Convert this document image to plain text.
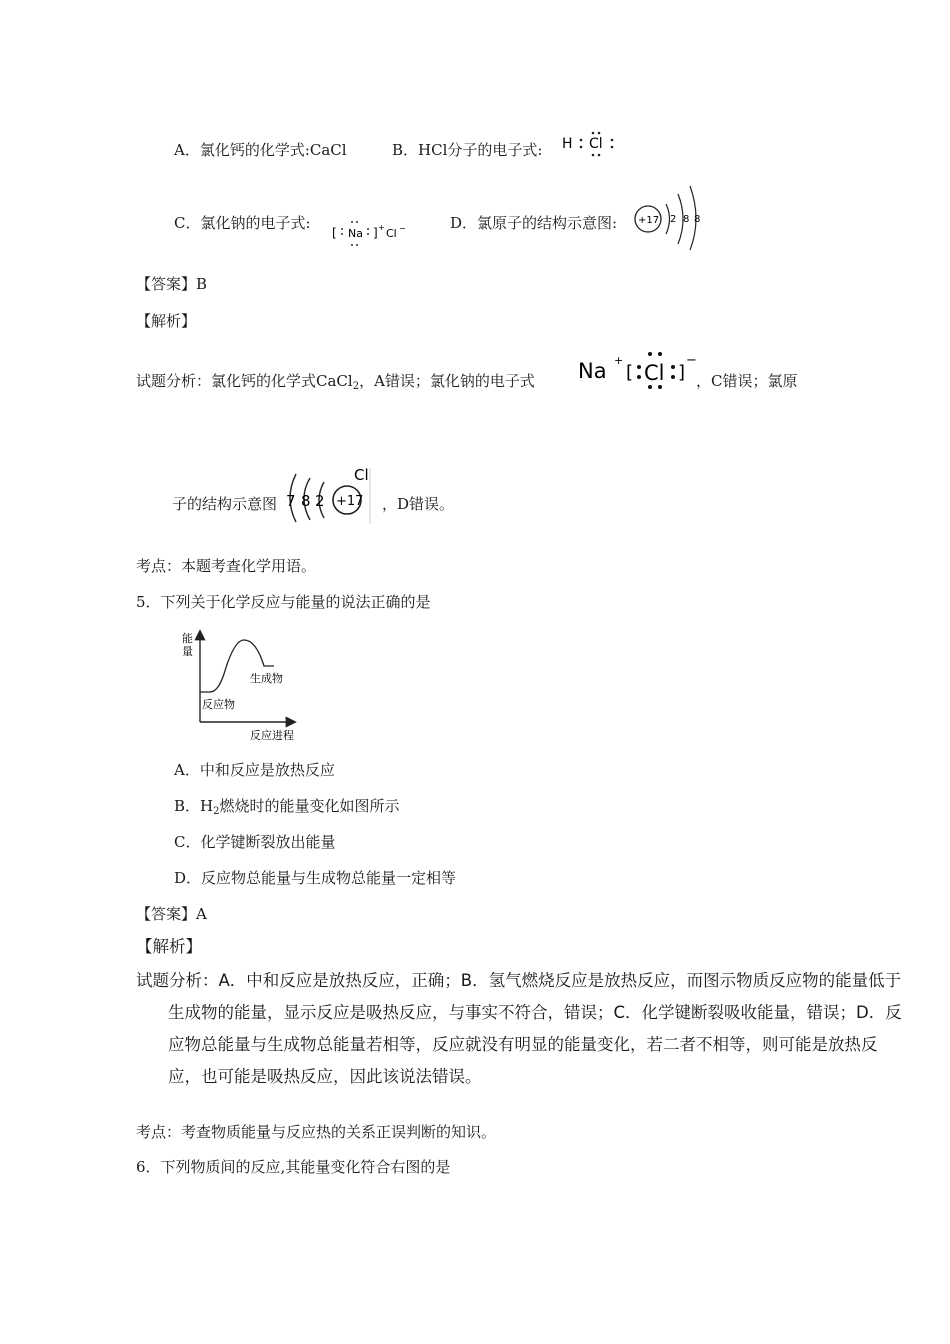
A．氯化钙的化学式:CaCl	B．HCl分子的电子式: H Cl
C．氯化钠的电子式:
[ Na ] + Cl −	D．氯原子的结构示意图: +17 2 8 8
【答案】B
【解析】
试题分析：氯化钙的化学式CaCl$_2$，A错误；氯化钠的电子式 Na +
[ Cl ]
−
，C错误；氯原
子的结构示意图 7 8 2 +17
Cl
，D错误。
考点：本题考查化学用语。
5．下列关于化学反应与能量的说法正确的是
能量
生成物
反应物
反应进程
A．中和反应是放热反应
B．$H_2$燃烧时的能量变化如图所示
C．化学键断裂放出能量
D．反应物总能量与生成物总能量一定相等
【答案】A
【解析】
试题分析：A．中和反应是放热反应，正确；B．氢气燃烧反应是放热反应，而图示物质反应物的能量低于
生成物的能量，显示反应是吸热反应，与事实不符合，错误；C．化学键断裂吸收能量，错误；D．反
应物总能量与生成物总能量若相等，反应就没有明显的能量变化，若二者不相等，则可能是放热反
应，也可能是吸热反应，因此该说法错误。
考点：考查物质能量与反应热的关系正误判断的知识。
6．下列物质间的反应,其能量变化符合右图的是
